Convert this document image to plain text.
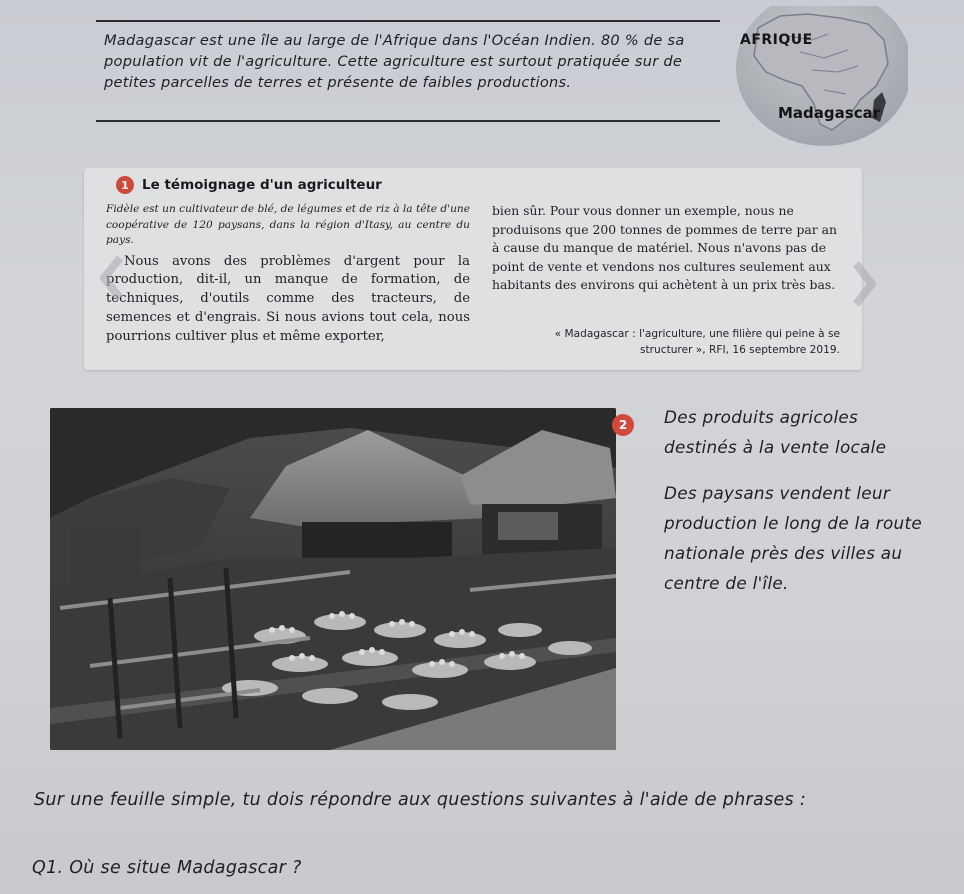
Madagascar est une île au large de l'Afrique dans l'Océan Indien. 80 % de sa population vit de l'agriculture. Cette agriculture est surtout pratiquée sur de petites parcelles de terres et présente de faibles productions.
AFRIQUE
Madagascar
1 Le témoignage d'un agriculteur

Fidèle est un cultivateur de blé, de légumes et de riz à la tête d'une coopérative de 120 paysans, dans la région d'Itasy, au centre du pays.

Nous avons des problèmes d'argent pour la production, dit-il, un manque de formation, de techniques, d'outils comme des tracteurs, de semences et d'engrais. Si nous avions tout cela, nous pourrions cultiver plus et même exporter,

bien sûr. Pour vous donner un exemple, nous ne produisons que 200 tonnes de pommes de terre par an à cause du manque de matériel. Nous n'avons pas de point de vente et vendons nos cultures seulement aux habitants des environs qui achètent à un prix très bas.

« Madagascar : l'agriculture, une filière qui peine à se structurer », RFI, 16 septembre 2019.
2	Des produits agricoles destinés à la vente locale

Des paysans vendent leur production le long de la route nationale près des villes au centre de l'île.

Sur une feuille simple, tu dois répondre aux questions suivantes à l'aide de phrases :
Q1. Où se situe Madagascar ?
